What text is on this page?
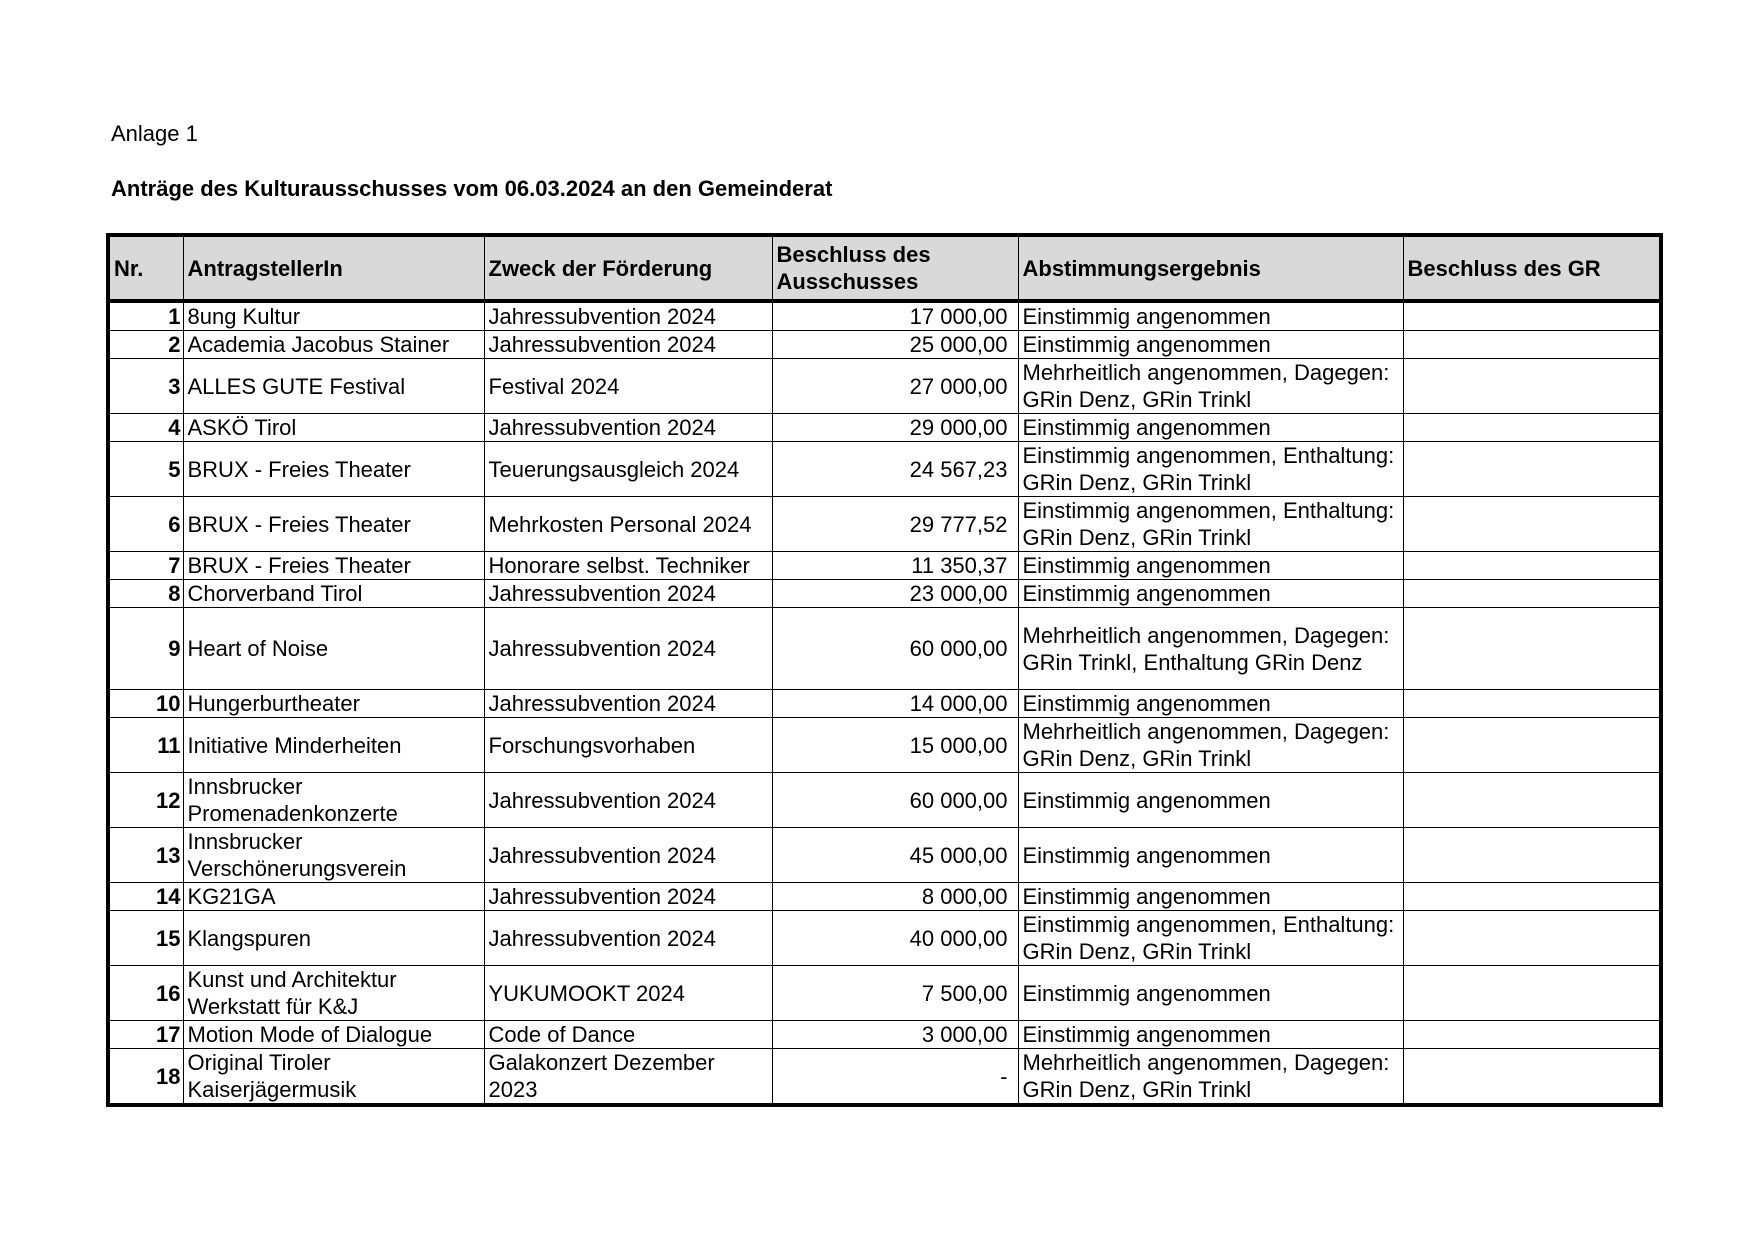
Anlage 1
Anträge des Kulturausschusses vom 06.03.2024 an den Gemeinderat
Nr.	AntragstellerIn	Zweck der Förderung	Beschluss des Ausschusses	Abstimmungsergebnis	Beschluss des GR
1	8ung Kultur	Jahressubvention 2024	17 000,00	Einstimmig angenommen	
2	Academia Jacobus Stainer	Jahressubvention 2024	25 000,00	Einstimmig angenommen	
3	ALLES GUTE Festival	Festival 2024	27 000,00	Mehrheitlich angenommen, Dagegen: GRin Denz, GRin Trinkl	
4	ASKÖ Tirol	Jahressubvention 2024	29 000,00	Einstimmig angenommen	
5	BRUX - Freies Theater	Teuerungsausgleich 2024	24 567,23	Einstimmig angenommen, Enthaltung: GRin Denz, GRin Trinkl	
6	BRUX - Freies Theater	Mehrkosten Personal 2024	29 777,52	Einstimmig angenommen, Enthaltung: GRin Denz, GRin Trinkl	
7	BRUX - Freies Theater	Honorare selbst. Techniker	11 350,37	Einstimmig angenommen	
8	Chorverband Tirol	Jahressubvention 2024	23 000,00	Einstimmig angenommen	
9	Heart of Noise	Jahressubvention 2024	60 000,00	Mehrheitlich angenommen, Dagegen: GRin Trinkl, Enthaltung GRin Denz	
10	Hungerburtheater	Jahressubvention 2024	14 000,00	Einstimmig angenommen	
11	Initiative Minderheiten	Forschungsvorhaben	15 000,00	Mehrheitlich angenommen, Dagegen: GRin Denz, GRin Trinkl	
12	Innsbrucker Promenadenkonzerte	Jahressubvention 2024	60 000,00	Einstimmig angenommen	
13	Innsbrucker Verschönerungsverein	Jahressubvention 2024	45 000,00	Einstimmig angenommen	
14	KG21GA	Jahressubvention 2024	8 000,00	Einstimmig angenommen	
15	Klangspuren	Jahressubvention 2024	40 000,00	Einstimmig angenommen, Enthaltung: GRin Denz, GRin Trinkl	
16	Kunst und Architektur Werkstatt für K&J	YUKUMOOKT 2024	7 500,00	Einstimmig angenommen	
17	Motion Mode of Dialogue	Code of Dance	3 000,00	Einstimmig angenommen	
18	Original Tiroler Kaiserjägermusik	Galakonzert Dezember 2023	-	Mehrheitlich angenommen, Dagegen: GRin Denz, GRin Trinkl	
